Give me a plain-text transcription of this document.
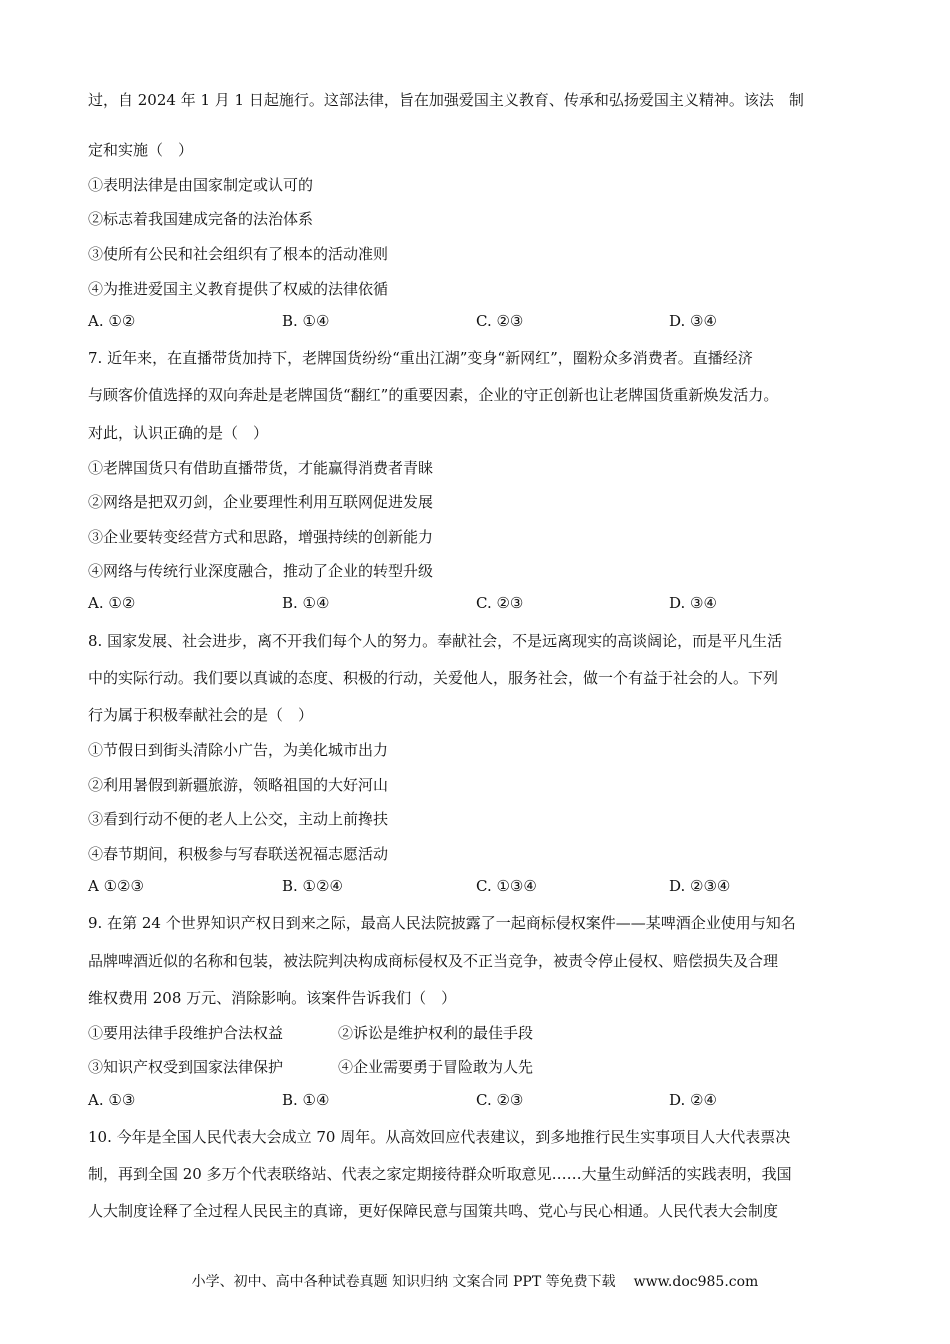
过，自 2024 年 1 月 1 日起施行。这部法律，旨在加强爱国主义教育、传承和弘扬爱国主义精神。该法　制
定和实施（　）
①表明法律是由国家制定或认可的
②标志着我国建成完备的法治体系
③使所有公民和社会组织有了根本的活动准则
④为推进爱国主义教育提供了权威的法律依循
A. ①②	B. ①④	C. ②③	D. ③④
7. 近年来，在直播带货加持下，老牌国货纷纷“重出江湖”变身“新网红”，圈粉众多消费者。直播经济
与顾客价值选择的双向奔赴是老牌国货“翻红”的重要因素，企业的守正创新也让老牌国货重新焕发活力。
对此，认识正确的是（　）
①老牌国货只有借助直播带货，才能赢得消费者青睐
②网络是把双刃剑，企业要理性利用互联网促进发展
③企业要转变经营方式和思路，增强持续的创新能力
④网络与传统行业深度融合，推动了企业的转型升级
A. ①②	B. ①④	C. ②③	D. ③④
8. 国家发展、社会进步，离不开我们每个人的努力。奉献社会，不是远离现实的高谈阔论，而是平凡生活
中的实际行动。我们要以真诚的态度、积极的行动，关爱他人，服务社会，做一个有益于社会的人。下列
行为属于积极奉献社会的是（　）
①节假日到街头清除小广告，为美化城市出力
②利用暑假到新疆旅游，领略祖国的大好河山
③看到行动不便的老人上公交，主动上前搀扶
④春节期间，积极参与写春联送祝福志愿活动
A ①②③	B. ①②④	C. ①③④	D. ②③④
9. 在第 24 个世界知识产权日到来之际，最高人民法院披露了一起商标侵权案件——某啤酒企业使用与知名
品牌啤酒近似的名称和包装，被法院判决构成商标侵权及不正当竞争，被责令停止侵权、赔偿损失及合理
维权费用 208 万元、消除影响。该案件告诉我们（　）
①要用法律手段维护合法权益	②诉讼是维护权利的最佳手段
③知识产权受到国家法律保护	④企业需要勇于冒险敢为人先
A. ①③	B. ①④	C. ②③	D. ②④
10. 今年是全国人民代表大会成立 70 周年。从高效回应代表建议，到多地推行民生实事项目人大代表票决
制，再到全国 20 多万个代表联络站、代表之家定期接待群众听取意见……大量生动鲜活的实践表明，我国
人大制度诠释了全过程人民民主的真谛，更好保障民意与国策共鸣、党心与民心相通。人民代表大会制度
小学、初中、高中各种试卷真题 知识归纳 文案合同 PPT 等免费下载 www.doc985.com
